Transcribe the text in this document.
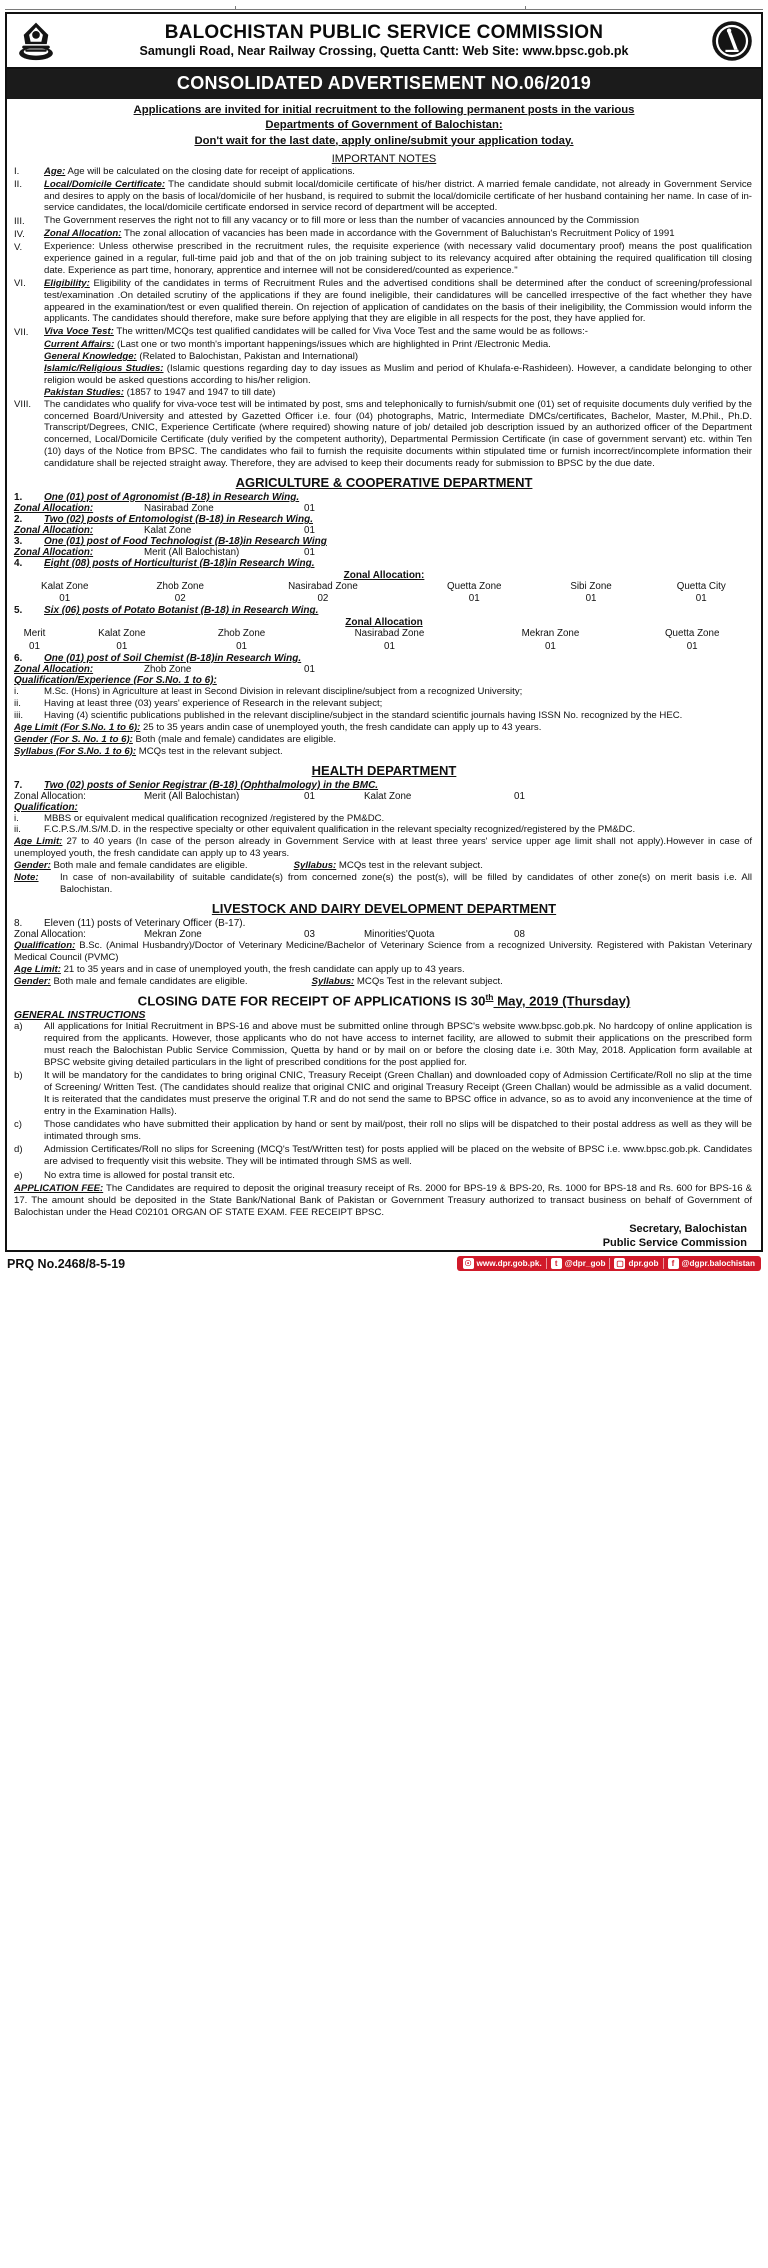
BALOCHISTAN PUBLIC SERVICE COMMISSION
Samungli Road, Near Railway Crossing, Quetta Cantt: Web Site: www.bpsc.gob.pk
CONSOLIDATED ADVERTISEMENT NO.06/2019
Applications are invited for initial recruitment to the following permanent posts in the various
Departments of Government of Balochistan:
Don't wait for the last date, apply online/submit your application today.
IMPORTANT NOTES
I.	Age: Age will be calculated on the closing date for receipt of applications.
II.	Local/Domicile Certificate: The candidate should submit local/domicile certificate of his/her district. A married female candidate, not already in Government Service and desires to apply on the basis of local/domicile of her husband, is required to submit the local/domicile certificate of her husband containing her name. In case of in-service candidates, the local/domicile certificate endorsed in service record of department will be accepted.
III.	The Government reserves the right not to fill any vacancy or to fill more or less than the number of vacancies announced by the Commission
IV.	Zonal Allocation: The zonal allocation of vacancies has been made in accordance with the Government of Baluchistan's Recruitment Policy of 1991
V.	Experience: Unless otherwise prescribed in the recruitment rules, the requisite experience (with necessary valid documentary proof) means the post qualification experience gained in a regular, full-time paid job and that of the on job training subject to its relevancy acquired after obtaining the required qualification till closing date. Experience as part time, honorary, apprentice and internee will not be considered/counted as experience."
VI.	Eligibility: Eligibility of the candidates in terms of Recruitment Rules and the advertised conditions shall be determined after the conduct of screening/professional test/examination .On detailed scrutiny of the applications if they are found ineligible, their candidatures will be cancelled irrespective of the fact whether they have appeared in the examination/test or even qualified therein. On rejection of application of candidates on the basis of their ineligibility, the Commission would inform the applicants. The candidates should therefore, make sure before applying that they are eligible in all respects for the post, they have applied for.
VII.	Viva Voce Test: The written/MCQs test qualified candidates will be called for Viva Voce Test and the same would be as follows:-
Current Affairs: (Last one or two month's important happenings/issues which are highlighted in Print /Electronic Media.
General Knowledge: (Related to Balochistan, Pakistan and International)
Islamic/Religious Studies: (Islamic questions regarding day to day issues as Muslim and period of Khulafa-e-Rashideen). However, a candidate belonging to other religion would be asked questions according to his/her religion.
Pakistan Studies: (1857 to 1947 and 1947 to till date)
VIII.	The candidates who qualify for viva-voce test will be intimated by post, sms and telephonically to furnish/submit one (01) set of requisite documents duly verified by the concerned Board/University and attested by Gazetted Officer i.e. four (04) photographs, Matric, Intermediate DMCs/certificates, Bachelor, Master, M.Phil., Ph.D. Transcript/Degrees, CNIC, Experience Certificate (where required) showing nature of job/ detailed job description issued by an authorized officer of the Department concerned, Local/Domicile Certificate (duly verified by the competent authority), Departmental Permission Certificate (in case of government servant) etc. within Ten (10) days of the Notice from BPSC. The candidates who fail to furnish the requisite documents within stipulated time or furnish incorrect/incomplete information their candidature shall be rejected straight away. Therefore, they are advised to keep their documents ready for submission to BPSC by the due date.
AGRICULTURE & COOPERATIVE DEPARTMENT
1.	One (01) post of Agronomist (B-18) in Research Wing.
Zonal Allocation:	Nasirabad Zone	01
2.	Two (02) posts of Entomologist (B-18) in Research Wing.
Zonal Allocation:	Kalat Zone	01
3.	One (01) post of Food Technologist (B-18)in Research Wing
Zonal Allocation:	Merit (All Balochistan)	01
4.	Eight (08) posts of Horticulturist (B-18)in Research Wing.
Zonal Allocation:
Kalat Zone	Zhob Zone	Nasirabad Zone	Quetta Zone	Sibi Zone	Quetta City
01	02	02	01	01	01
5.	Six (06) posts of Potato Botanist (B-18) in Research Wing.
Zonal Allocation
Merit	Kalat Zone	Zhob Zone	Nasirabad Zone	Mekran Zone	Quetta Zone
01	01	01	01	01	01
6.	One (01) post of Soil Chemist (B-18)in Research Wing.
Zonal Allocation:	Zhob Zone	01
Qualification/Experience (For S.No. 1 to 6):
i.	M.Sc. (Hons) in Agriculture at least in Second Division in relevant discipline/subject from a recognized University;
ii.	Having at least three (03) years' experience of Research in the relevant subject;
iii.	Having (4) scientific publications published in the relevant discipline/subject in the standard scientific journals having ISSN No. recognized by the HEC.
Age Limit (For S.No. 1 to 6): 25 to 35 years andin case of unemployed youth, the fresh candidate can apply up to 43 years.
Gender (For S. No. 1 to 6): Both (male and female) candidates are eligible.
Syllabus (For S.No. 1 to 6): MCQs test in the relevant subject.
HEALTH DEPARTMENT
7.	Two (02) posts of Senior Registrar (B-18) (Ophthalmology) in the BMC.
Zonal Allocation:	Merit (All Balochistan)	01	Kalat Zone	01
Qualification:
i.	MBBS or equivalent medical qualification recognized /registered by the PM&DC.
ii.	F.C.P.S./M.S/M.D. in the respective specialty or other equivalent qualification in the relevant specialty recognized/registered by the PM&DC.
Age Limit: 27 to 40 years (In case of the person already in Government Service with at least three years' service upper age limit shall not apply).However in case of unemployed youth, the fresh candidate can apply up to 43 years.
Gender: Both male and female candidates are eligible.	Syllabus: MCQs test in the relevant subject.
Note:	In case of non-availability of suitable candidate(s) from concerned zone(s) the post(s), will be filled by candidates of other zone(s) on merit basis i.e. All Balochistan.
LIVESTOCK AND DAIRY DEVELOPMENT DEPARTMENT
8.	Eleven (11) posts of Veterinary Officer (B-17).
Zonal Allocation:	Mekran Zone	03	Minorities'Quota	08
Qualification: B.Sc. (Animal Husbandry)/Doctor of Veterinary Medicine/Bachelor of Veterinary Science from a recognized University. Registered with Pakistan Veterinary Medical Council (PVMC)
Age Limit: 21 to 35 years and in case of unemployed youth, the fresh candidate can apply up to 43 years.
Gender: Both male and female candidates are eligible.	Syllabus: MCQs Test in the relevant subject.
CLOSING DATE FOR RECEIPT OF APPLICATIONS IS 30th May, 2019 (Thursday)
GENERAL INSTRUCTIONS
a)	All applications for Initial Recruitment in BPS-16 and above must be submitted online through BPSC's website www.bpsc.gob.pk. No hardcopy of online application is required from the applicants. However, those applicants who do not have access to internet facility, are allowed to submit their applications on the prescribed form must reach the Balochistan Public Service Commission, Quetta by hand or by mail on or before the closing date i.e. 30th May, 2018. Application form available at BPSC website giving detailed particulars in the light of prescribed conditions for the post applied for.
b)	It will be mandatory for the candidates to bring original CNIC, Treasury Receipt (Green Challan) and downloaded copy of Admission Certificate/Roll no slip at the time of Screening/ Written Test. (The candidates should realize that original CNIC and original Treasury Receipt (Green Challan) would be admissible as a valid document. It is reiterated that the candidates must preserve the original T.R and do not send the same to BPSC office in advance, so as to avoid any inconvenience at the time of entry in the Examination Halls).
c)	Those candidates who have submitted their application by hand or sent by mail/post, their roll no slips will be dispatched to their postal address as well as they will be intimated through sms.
d)	Admission Certificates/Roll no slips for Screening (MCQ's Test/Written test) for posts applied will be placed on the website of BPSC i.e. www.bpsc.gob.pk. Candidates are advised to frequently visit this website. They will be intimated through SMS as well.
e)	No extra time is allowed for postal transit etc.
APPLICATION FEE: The Candidates are required to deposit the original treasury receipt of Rs. 2000 for BPS-19 & BPS-20, Rs. 1000 for BPS-18 and Rs. 600 for BPS-16 & 17. The amount should be deposited in the State Bank/National Bank of Pakistan or Government Treasury authorized to transact business on behalf of Government of Balochistan under the Head C02101 ORGAN OF STATE EXAM. FEE RECEIPT BPSC.
Secretary, Balochistan
Public Service Commission
PRQ No.2468/8-5-19	☉ www.dpr.gob.pk.	t @dpr_gob ▢ dpr.gob	f @dgpr.balochistan
